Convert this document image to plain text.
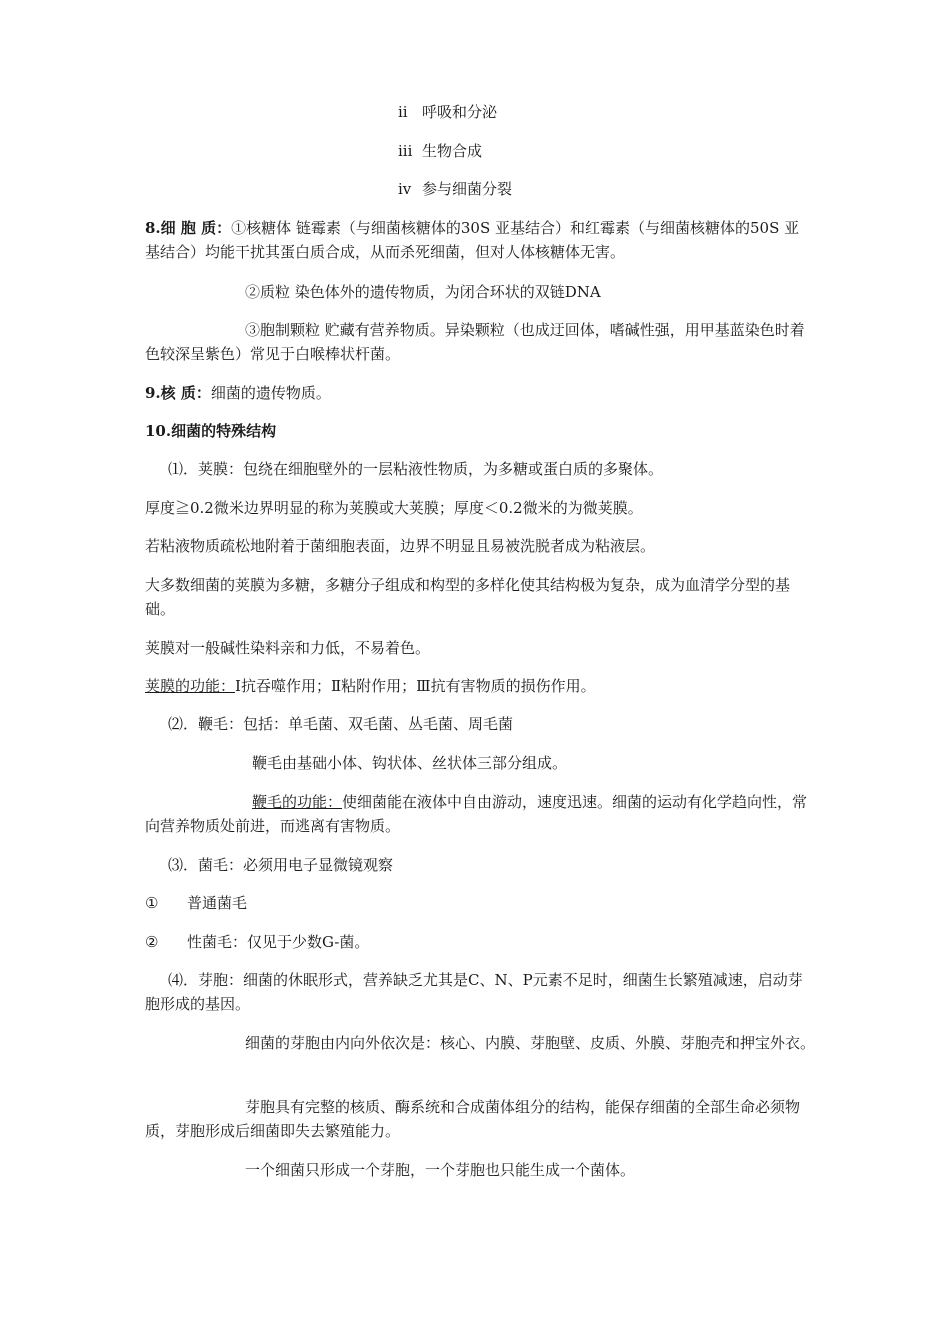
ii 呼吸和分泌
iii 生物合成
iv 参与细菌分裂
8.细 胞 质：①核糖体 链霉素（与细菌核糖体的30S 亚基结合）和红霉素（与细菌核糖体的50S 亚基结合）均能干扰其蛋白质合成，从而杀死细菌，但对人体核糖体无害。
②质粒 染色体外的遗传物质，为闭合环状的双链DNA
③胞制颗粒 贮藏有营养物质。异染颗粒（也成迂回体，嗜碱性强，用甲基蓝染色时着色较深呈紫色）常见于白喉棒状杆菌。
9.核 质：细菌的遗传物质。
10.细菌的特殊结构
⑴．荚膜：包绕在细胞壁外的一层粘液性物质，为多糖或蛋白质的多聚体。
厚度≧0.2微米边界明显的称为荚膜或大荚膜；厚度＜0.2微米的为微荚膜。
若粘液物质疏松地附着于菌细胞表面，边界不明显且易被洗脱者成为粘液层。
大多数细菌的荚膜为多糖，多糖分子组成和构型的多样化使其结构极为复杂，成为血清学分型的基础。
荚膜对一般碱性染料亲和力低，不易着色。
荚膜的功能：Ⅰ抗吞噬作用；Ⅱ粘附作用；Ⅲ抗有害物质的损伤作用。
⑵．鞭毛：包括：单毛菌、双毛菌、丛毛菌、周毛菌
鞭毛由基础小体、钩状体、丝状体三部分组成。
鞭毛的功能：使细菌能在液体中自由游动，速度迅速。细菌的运动有化学趋向性，常向营养物质处前进，而逃离有害物质。
⑶．菌毛：必须用电子显微镜观察
① 普通菌毛
② 性菌毛：仅见于少数G-菌。
⑷．芽胞：细菌的休眠形式，营养缺乏尤其是C、N、P元素不足时，细菌生长繁殖减速，启动芽胞形成的基因。
细菌的芽胞由内向外依次是：核心、内膜、芽胞壁、皮质、外膜、芽胞壳和押宝外衣。
芽胞具有完整的核质、酶系统和合成菌体组分的结构，能保存细菌的全部生命必须物质，芽胞形成后细菌即失去繁殖能力。
一个细菌只形成一个芽胞，一个芽胞也只能生成一个菌体。
